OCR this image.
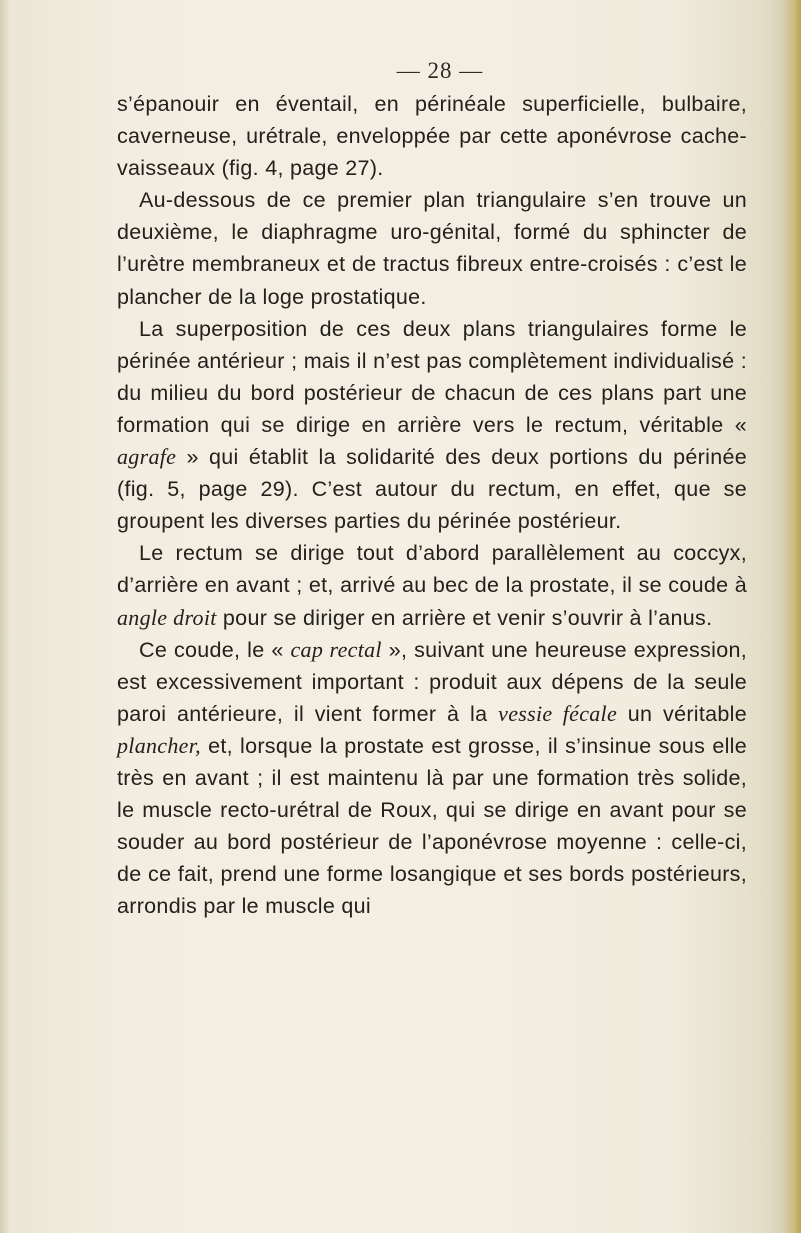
— 28 —

s’épanouir en éventail, en périnéale superficielle, bulbaire, caverneuse, urétrale, enveloppée par cette aponévrose cache-vaisseaux (fig. 4, page 27).

Au-dessous de ce premier plan triangulaire s’en trouve un deuxième, le diaphragme uro-génital, formé du sphincter de l’urètre membraneux et de tractus fibreux entre-croisés : c’est le plancher de la loge prostatique.

La superposition de ces deux plans triangulaires forme le périnée antérieur ; mais il n’est pas complètement individualisé : du milieu du bord postérieur de chacun de ces plans part une formation qui se dirige en arrière vers le rectum, véritable « agrafe » qui établit la solidarité des deux portions du périnée (fig. 5, page 29). C’est autour du rectum, en effet, que se groupent les diverses parties du périnée postérieur.

Le rectum se dirige tout d’abord parallèlement au coccyx, d’arrière en avant ; et, arrivé au bec de la prostate, il se coude à angle droit pour se diriger en arrière et venir s’ouvrir à l’anus.

Ce coude, le « cap rectal », suivant une heureuse expression, est excessivement important : produit aux dépens de la seule paroi antérieure, il vient former à la vessie fécale un véritable plancher, et, lorsque la prostate est grosse, il s’insinue sous elle très en avant ; il est maintenu là par une formation très solide, le muscle recto-urétral de Roux, qui se dirige en avant pour se souder au bord postérieur de l’aponévrose moyenne : celle-ci, de ce fait, prend une forme losangique et ses bords postérieurs, arrondis par le muscle qui
